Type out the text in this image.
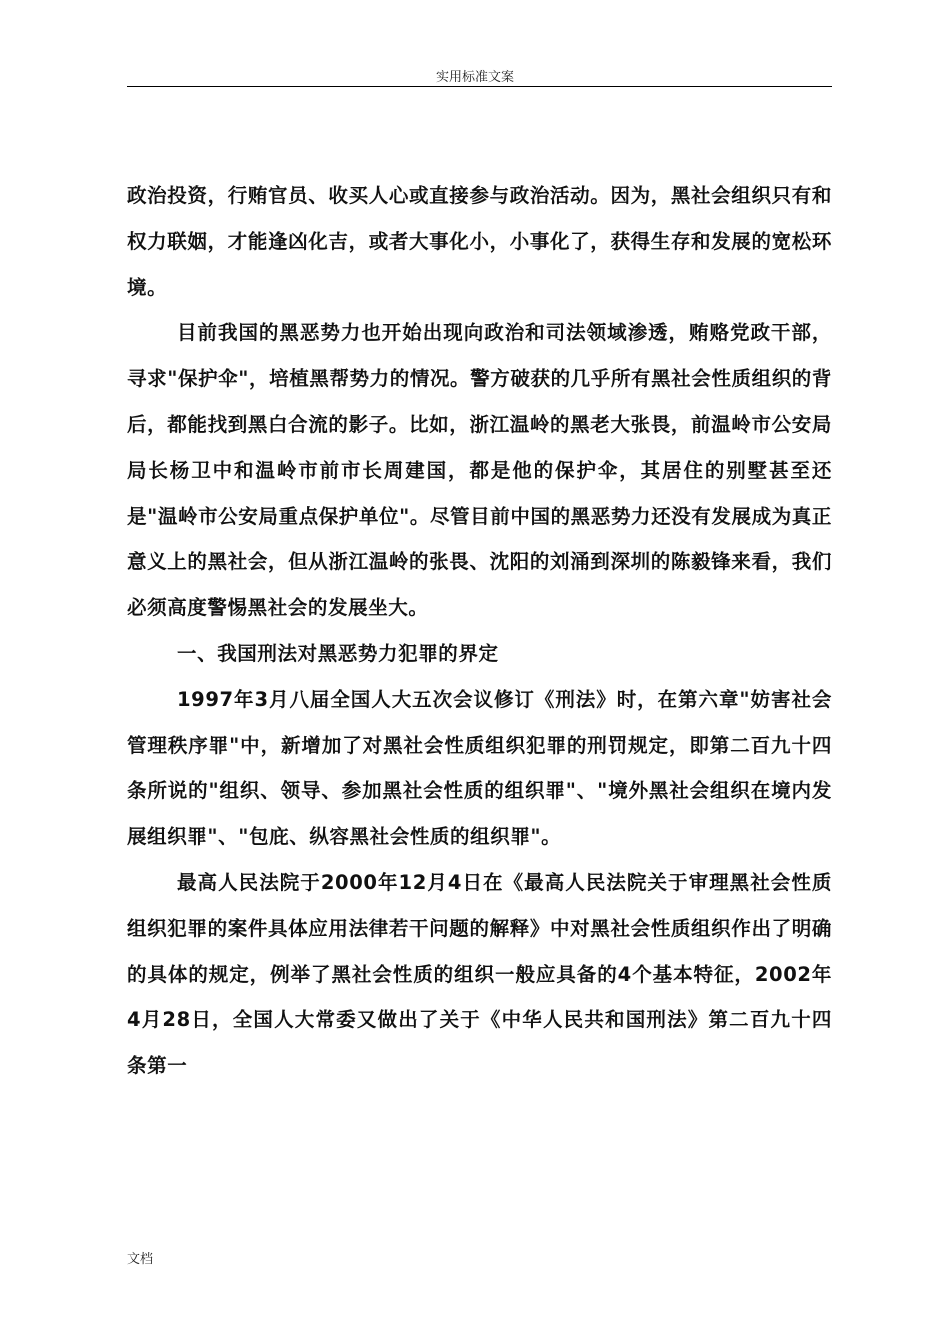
实用标准文案

政治投资，行贿官员、收买人心或直接参与政治活动。因为，黑社会组织只有和权力联姻，才能逢凶化吉，或者大事化小，小事化了，获得生存和发展的宽松环境。

目前我国的黑恶势力也开始出现向政治和司法领域渗透，贿赂党政干部，寻求"保护伞"，培植黑帮势力的情况。警方破获的几乎所有黑社会性质组织的背后，都能找到黑白合流的影子。比如，浙江温岭的黑老大张畏，前温岭市公安局局长杨卫中和温岭市前市长周建国，都是他的保护伞，其居住的别墅甚至还是"温岭市公安局重点保护单位"。尽管目前中国的黑恶势力还没有发展成为真正意义上的黑社会，但从浙江温岭的张畏、沈阳的刘涌到深圳的陈毅锋来看，我们必须高度警惕黑社会的发展坐大。

一、我国刑法对黑恶势力犯罪的界定

1997年3月八届全国人大五次会议修订《刑法》时，在第六章"妨害社会管理秩序罪"中，新增加了对黑社会性质组织犯罪的刑罚规定，即第二百九十四条所说的"组织、领导、参加黑社会性质的组织罪"、"境外黑社会组织在境内发展组织罪"、"包庇、纵容黑社会性质的组织罪"。

最高人民法院于2000年12月4日在《最高人民法院关于审理黑社会性质组织犯罪的案件具体应用法律若干问题的解释》中对黑社会性质组织作出了明确的具体的规定，例举了黑社会性质的组织一般应具备的4个基本特征，2002年4月28日，全国人大常委又做出了关于《中华人民共和国刑法》第二百九十四条第一

文档
